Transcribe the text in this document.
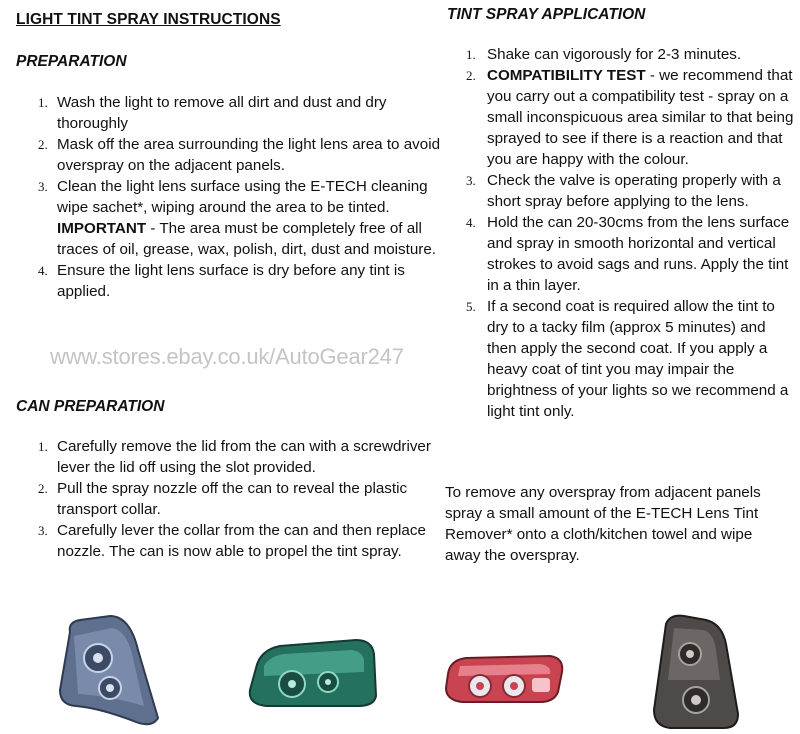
LIGHT TINT SPRAY INSTRUCTIONS
PREPARATION
1. Wash the light to remove all dirt and dust and dry thoroughly
2. Mask off the area surrounding the light lens area to avoid overspray on the adjacent panels.
3. Clean the light lens surface using the E-TECH cleaning wipe sachet*, wiping around the area to be tinted. IMPORTANT - The area must be completely free of all traces of oil, grease, wax, polish, dirt, dust and moisture.
4. Ensure the light lens surface is dry before any tint is applied.

www.stores.ebay.co.uk/AutoGear247

CAN PREPARATION
1. Carefully remove the lid from the can with a screwdriver lever the lid off using the slot provided.
2. Pull the spray nozzle off the can to reveal the plastic transport collar.
3. Carefully lever the collar from the can and then replace nozzle. The can is now able to propel the tint spray.
TINT SPRAY APPLICATION
1. Shake can vigorously for 2-3 minutes.
2. COMPATIBILITY TEST - we recommend that you carry out a compatibility test - spray on a small inconspicuous area similar to that being sprayed to see if there is a reaction and that you are happy with the colour.
3. Check the valve is operating properly with a short spray before applying to the lens.
4. Hold the can 20-30cms from the lens surface and spray in smooth horizontal and vertical strokes to avoid sags and runs. Apply the tint in a thin layer.
5. If a second coat is required allow the tint to dry to a tacky film (approx 5 minutes) and then apply the second coat. If you apply a heavy coat of tint you may impair the brightness of your lights so we recommend a light tint only.

To remove any overspray from adjacent panels spray a small amount of the E-TECH Lens Tint Remover* onto a cloth/kitchen towel and wipe away the overspray.
